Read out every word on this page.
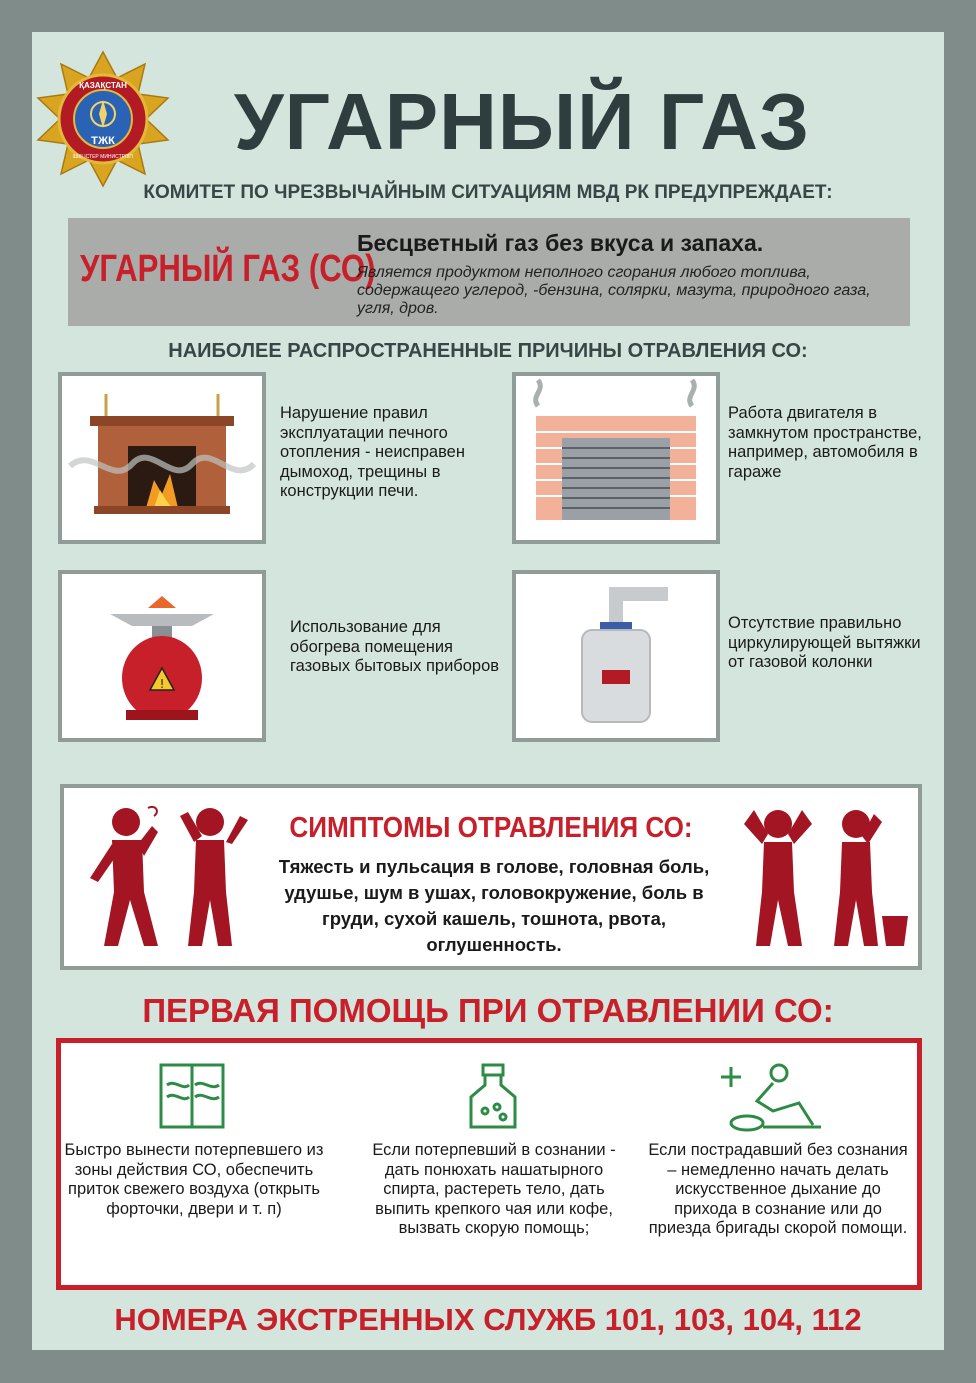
ҚАЗАҚСТАН
ТЖК
ІШКІ ІСТЕР МИНИСТРЛІГІ	УГАРНЫЙ ГАЗ
КОМИТЕТ ПО ЧРЕЗВЫЧАЙНЫМ СИТУАЦИЯМ МВД РК ПРЕДУПРЕЖДАЕТ:
УГАРНЫЙ ГАЗ (СО)
Бесцветный газ без вкуса и запаха.
Является продуктом неполного сгорания любого топлива, содержащего углерод, -бензина, солярки, мазута, природного газа, угля, дров.
НАИБОЛЕЕ РАСПРОСТРАНЕННЫЕ ПРИЧИНЫ ОТРАВЛЕНИЯ СО:
Нарушение правил эксплуатации печного отопления - неисправен дымоход, трещины в конструкции печи.
Работа двигателя в замкнутом пространстве, например, автомобиля в гараже
!
Использование для обогрева помещения газовых бытовых приборов
Отсутствие правильно циркулирующей вытяжки от газовой колонки
СИМПТОМЫ ОТРАВЛЕНИЯ СО:
Тяжесть и пульсация в голове, головная боль, удушье, шум в ушах, головокружение, боль в груди, сухой кашель, тошнота, рвота, оглушенность.
ПЕРВАЯ ПОМОЩЬ ПРИ ОТРАВЛЕНИИ СО:
Быстро вынести потерпевшего из зоны действия СО, обеспечить приток свежего воздуха (открыть форточки, двери и т. п)
Если потерпевший в сознании - дать понюхать нашатырного спирта, растереть тело, дать выпить крепкого чая или кофе, вызвать скорую помощь;
Если пострадавший без сознания – немедленно начать делать искусственное дыхание до прихода в сознание или до приезда бригады скорой помощи.
НОМЕРА ЭКСТРЕННЫХ СЛУЖБ 101, 103, 104, 112
